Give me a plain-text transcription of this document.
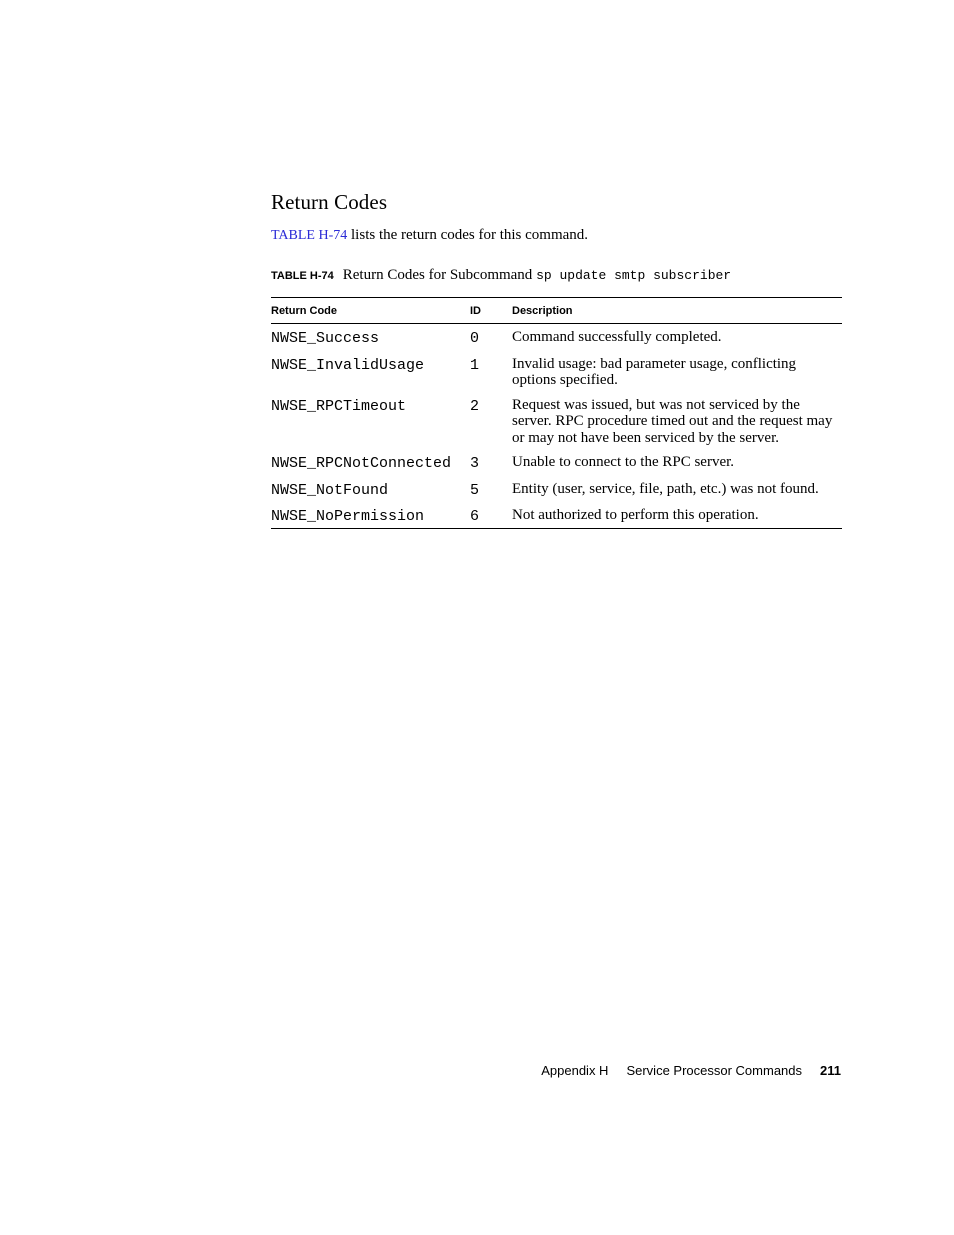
Return Codes

TABLE H-74 lists the return codes for this command.

TABLE H-74 Return Codes for Subcommand sp update smtp subscriber

Return Code	ID	Description
NWSE_Success	0	Command successfully completed.
NWSE_InvalidUsage	1	Invalid usage: bad parameter usage, conflicting options specified.
NWSE_RPCTimeout	2	Request was issued, but was not serviced by the server. RPC procedure timed out and the request may or may not have been serviced by the server.
NWSE_RPCNotConnected	3	Unable to connect to the RPC server.
NWSE_NotFound	5	Entity (user, service, file, path, etc.) was not found.
NWSE_NoPermission	6	Not authorized to perform this operation.
Appendix H Service Processor Commands 211
